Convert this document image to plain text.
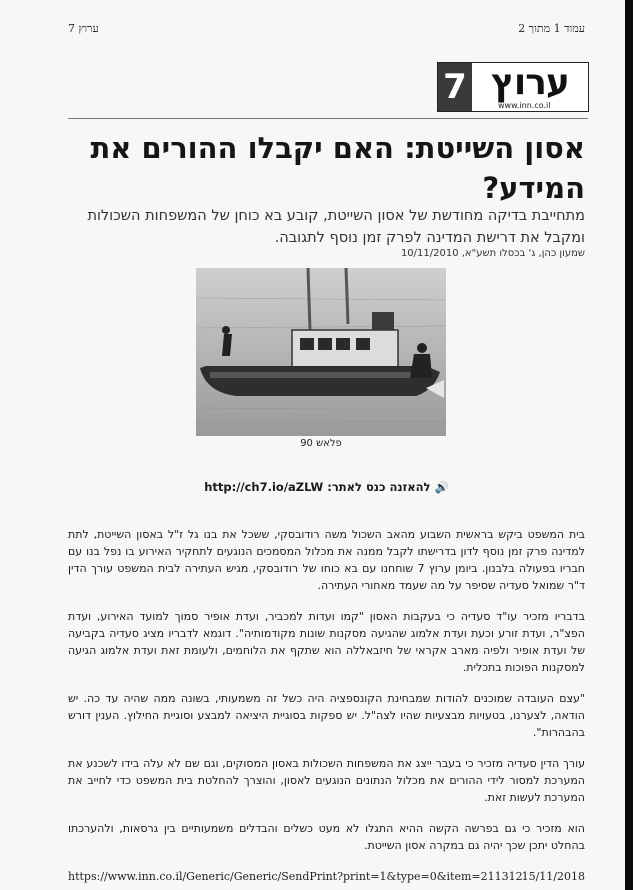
ערוץ 7	עמוד 1 מתוך 2
7 ערוץ
www.inn.co.il
אסון השייטת: האם יקבלו ההורים את המידע?

מתחייבת בדיקה מחודשת של אסון השייטת, קובע בא כוחן של המשפחות השכולות ומקבל את דרישת המדינה לפרק זמן נוסף לתגובה.

שמעון כהן, ג' בכסלו תשע"א, 10/11/2010
פלאש 90
🔊 להאזנה כנס לאתר: http://ch7.io/aZLW

בית המשפט ביקש בראשית השבוע מהאב השכול משה רודובסקי, ששכל את בנו גל ז"ל באסון השייטת, לתת למדינה פרק זמן נוסף לדון בדרישתו לקבל ממנה את מכלול המסמכים הנוגעים לתחקיר האירוע בו נפל בנו עם חבריו בפעולה בלבנון. ביומן ערוץ 7 שוחחנו עם בא כוחו של רודובסקי, מגיש העתירה לבית המשפט עורך הדין ד"ר שמואל סעדיה שסיפר על מה שעמד מאחורי העתירה.

בדבריו מזכיר עו"ד סעדיה כי בעקבות האסון "קמו ועדות למכביר, ועדת אופיר סמוך למועד האירוע, ועדת הפצ"ר, ועדת זורע וכעת ועדת אלמוג שהגיעה מסקנות שונות מקודמותיה". דוגמא לדבריו מציג סעדיה בקביעה של ועדת אופיר ולפיה מארב אקראי של חיזבאללה הוא שתקף את הלוחמים, ולעומת זאת ועדת אלמוג הגיעה למסקנות הפוכות בתכלית.

"עצם העובדה שמוכנים להודות שמבחינת הקונספציה היה כשל זה משמעותי, בשונה ממה שהיה עד כה. יש הודאה, לצערנו, בטעויות מבצעיות שהיו לצה"ל. יש ספקות בסוגיית היציאה למבצע וסוגיית החילוץ. הענין דורש בהבהרות".

עורך הדין סעדיה מזכיר כי בעבר ייצג את המשפחות השכולות באסון המסוקים, וגם שם לא עלה בידו לשכנע את המערכת למסור לידי ההורים את מכלול הנתונים הנוגעים לאסון, והוצרך להחלטת בית המשפט כדי לחייב את המערכת לעשות זאת.

הוא מזכיר כי גם בפרשה הקשה ההיא התגלו לא מעט כשלים והבדלים משמעותיים בין גרסאות, ולהערכתו בהחלט יתכן שכך יהיה גם במקרה אסון השייטת.

https://www.inn.co.il/Generic/Generic/SendPrint?print=1&type=0&item=211312
15/11/2018
